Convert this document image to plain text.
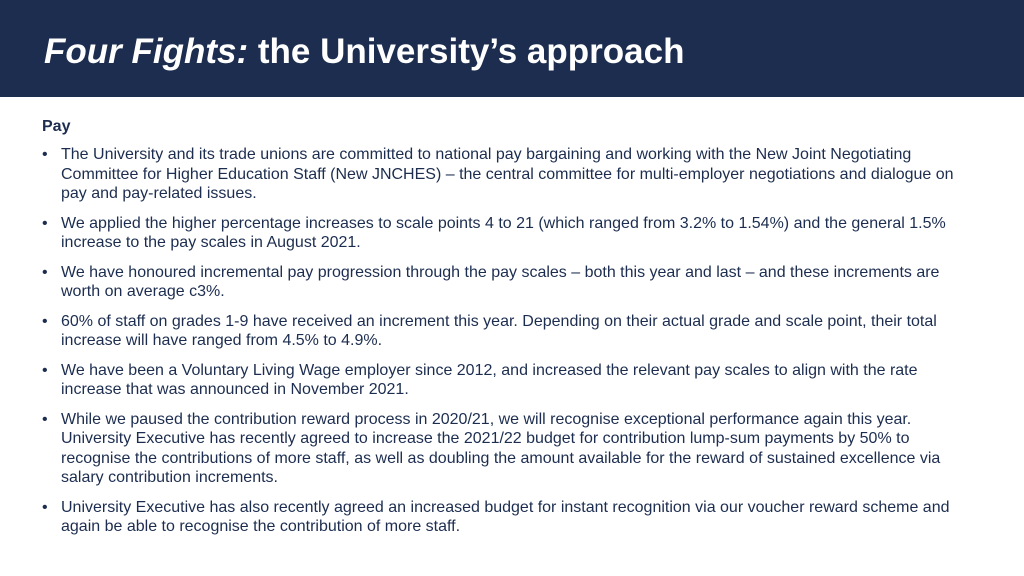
Four Fights: the University’s approach
Pay
• The University and its trade unions are committed to national pay bargaining and working with the New Joint Negotiating Committee for Higher Education Staff (New JNCHES) – the central committee for multi-employer negotiations and dialogue on pay and pay-related issues.
• We applied the higher percentage increases to scale points 4 to 21 (which ranged from 3.2% to 1.54%) and the general 1.5% increase to the pay scales in August 2021.
• We have honoured incremental pay progression through the pay scales – both this year and last – and these increments are worth on average c3%.
• 60% of staff on grades 1-9 have received an increment this year. Depending on their actual grade and scale point, their total increase will have ranged from 4.5% to 4.9%.
• We have been a Voluntary Living Wage employer since 2012, and increased the relevant pay scales to align with the rate increase that was announced in November 2021.
• While we paused the contribution reward process in 2020/21, we will recognise exceptional performance again this year. University Executive has recently agreed to increase the 2021/22 budget for contribution lump-sum payments by 50% to recognise the contributions of more staff, as well as doubling the amount available for the reward of sustained excellence via salary contribution increments.
• University Executive has also recently agreed an increased budget for instant recognition via our voucher reward scheme and again be able to recognise the contribution of more staff.
